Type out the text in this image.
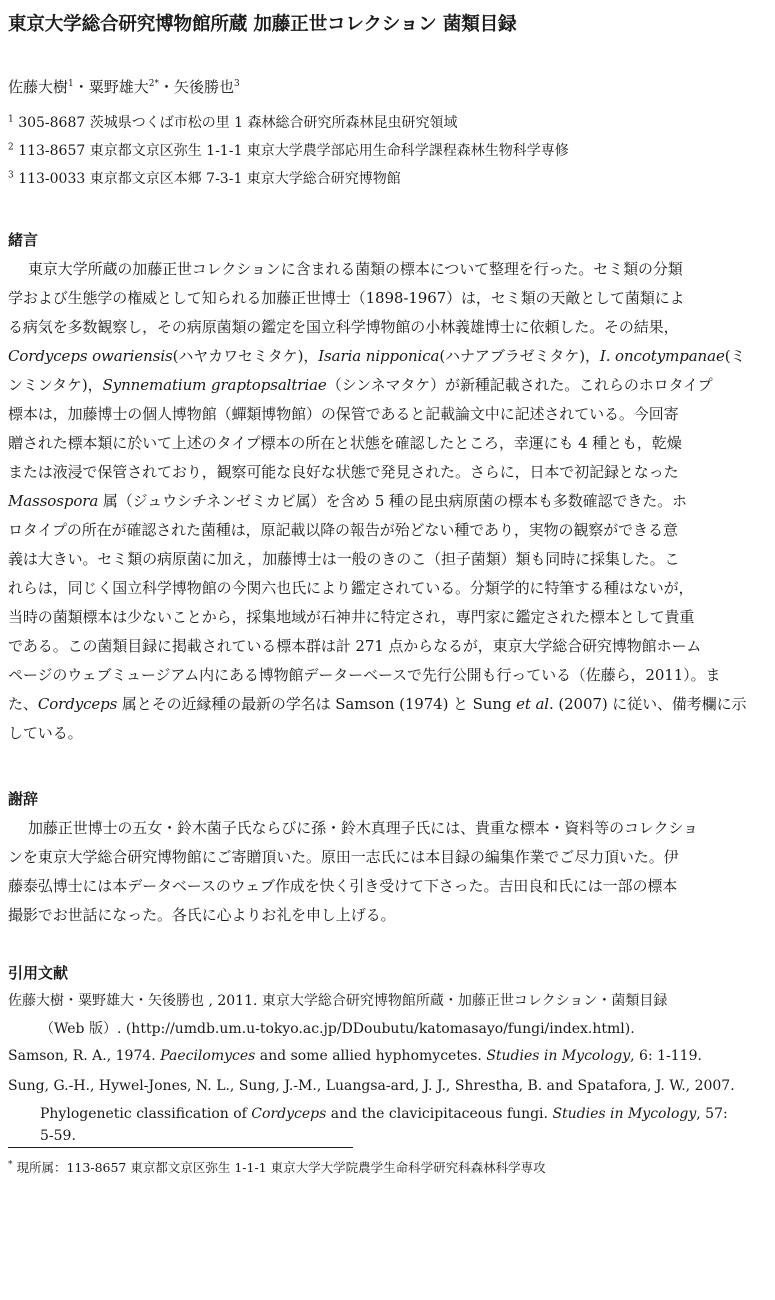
東京大学総合研究博物館所蔵 加藤正世コレクション 菌類目録

佐藤大樹$^1$・粟野雄大$^{2*}$・矢後勝也$^3$

$^1$ 305-8687 茨城県つくば市松の里 1 森林総合研究所森林昆虫研究領域

$^2$ 113-8657 東京都文京区弥生 1-1-1 東京大学農学部応用生命科学課程森林生物科学専修

$^3$ 113-0033 東京都文京区本郷 7-3-1 東京大学総合研究博物館

緒言

東京大学所蔵の加藤正世コレクションに含まれる菌類の標本について整理を行った。セミ類の分類

学および生態学の権威として知られる加藤正世博士（1898-1967）は，セミ類の天敵として菌類によ

る病気を多数観察し，その病原菌類の鑑定を国立科学博物館の小林義雄博士に依頼した。その結果，

Cordyceps owariensis(ハヤカワセミタケ)，Isaria nipponica(ハナアブラゼミタケ)，I. oncotympanae(ミ

ンミンタケ)，Synnematium graptopsaltriae（シンネマタケ）が新種記載された。これらのホロタイプ

標本は，加藤博士の個人博物館（蟬類博物館）の保管であると記載論文中に記述されている。今回寄

贈された標本類に於いて上述のタイプ標本の所在と状態を確認したところ，幸運にも 4 種とも，乾燥

または液浸で保管されており，観察可能な良好な状態で発見された。さらに，日本で初記録となった

Massospora 属（ジュウシチネンゼミカビ属）を含め 5 種の昆虫病原菌の標本も多数確認できた。ホ

ロタイプの所在が確認された菌種は，原記載以降の報告が殆どない種であり，実物の観察ができる意

義は大きい。セミ類の病原菌に加え，加藤博士は一般のきのこ（担子菌類）類も同時に採集した。こ

れらは，同じく国立科学博物館の今関六也氏により鑑定されている。分類学的に特筆する種はないが，

当時の菌類標本は少ないことから，採集地域が石神井に特定され，専門家に鑑定された標本として貴重

である。この菌類目録に掲載されている標本群は計 271 点からなるが，東京大学総合研究博物館ホーム

ページのウェブミュージアム内にある博物館データーベースで先行公開も行っている（佐藤ら，2011）。ま

た、Cordyceps 属とその近縁種の最新の学名は Samson (1974) と Sung et al. (2007) に従い、備考欄に示

している。

謝辞

加藤正世博士の五女・鈴木菌子氏ならびに孫・鈴木真理子氏には、貴重な標本・資料等のコレクショ

ンを東京大学総合研究博物館にご寄贈頂いた。原田一志氏には本目録の編集作業でご尽力頂いた。伊

藤泰弘博士には本データベースのウェブ作成を快く引き受けて下さった。吉田良和氏には一部の標本

撮影でお世話になった。各氏に心よりお礼を申し上げる。

引用文献

佐藤大樹・粟野雄大・矢後勝也 , 2011. 東京大学総合研究博物館所蔵・加藤正世コレクション・菌類目録

（Web 版）. (http://umdb.um.u-tokyo.ac.jp/DDoubutu/katomasayo/fungi/index.html).

Samson, R. A., 1974. Paecilomyces and some allied hyphomycetes. Studies in Mycology, 6: 1-119.

Sung, G.-H., Hywel-Jones, N. L., Sung, J.-M., Luangsa-ard, J. J., Shrestha, B. and Spatafora, J. W., 2007.

Phylogenetic classification of Cordyceps and the clavicipitaceous fungi. Studies in Mycology, 57:

5-59.

* 現所属：113-8657 東京都文京区弥生 1-1-1 東京大学大学院農学生命科学研究科森林科学専攻
